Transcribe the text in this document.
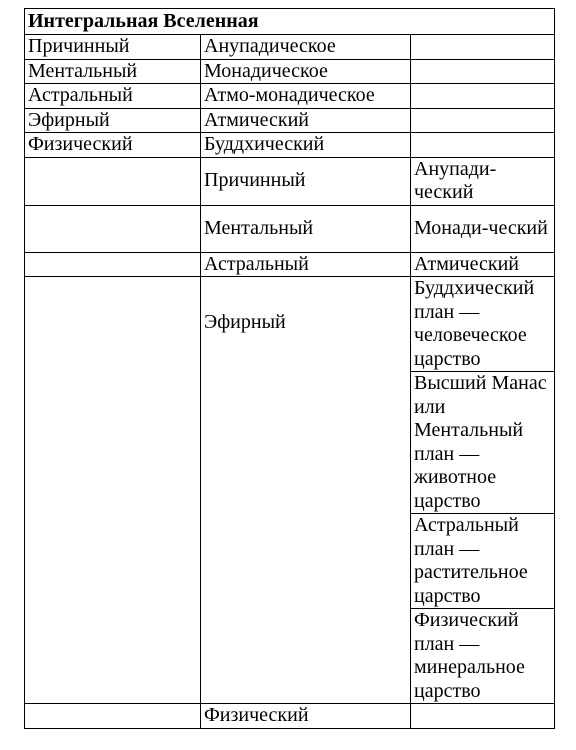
Интегральная Вселенная		
Причинный	Анупадическое	
Ментальный	Монадическое	
Астральный	Атмо-монадическое	
Эфирный	Атмический	
Физический	Буддхический	
	Причинный	Анупади-ческий
	Ментальный	Монади-ческий
	Астральный	Атмический
	Эфирный	Буддхический план — человеческое царство
		Высший Манас или Ментальный план — животное царство
		Астральный план — растительное царство
		Физический план — минеральное царство
	Физический	
